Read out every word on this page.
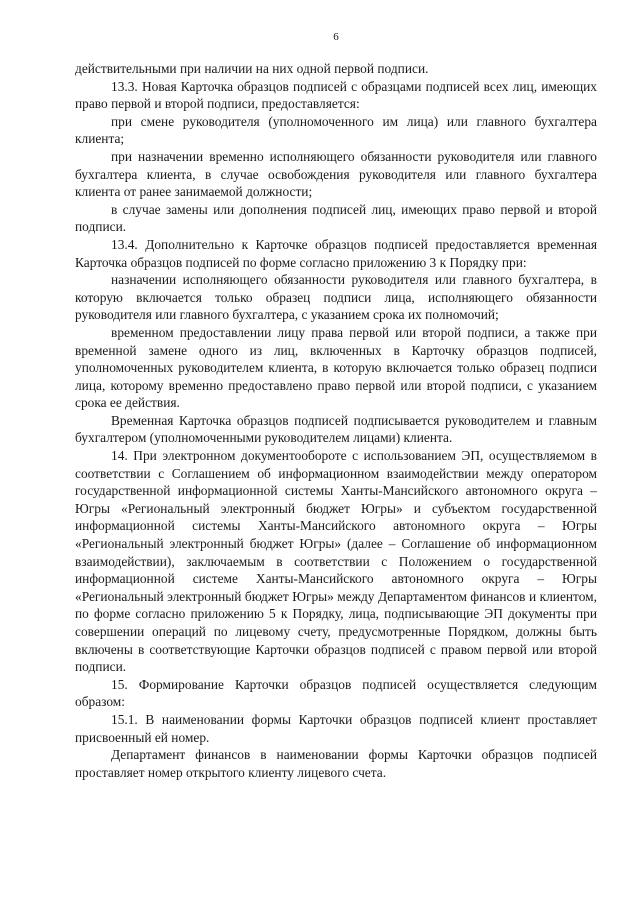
6

действительными при наличии на них одной первой подписи.

13.3. Новая Карточка образцов подписей с образцами подписей всех лиц, имеющих право первой и второй подписи, предоставляется:

при смене руководителя (уполномоченного им лица) или главного бухгалтера клиента;

при назначении временно исполняющего обязанности руководителя или главного бухгалтера клиента, в случае освобождения руководителя или главного бухгалтера клиента от ранее занимаемой должности;

в случае замены или дополнения подписей лиц, имеющих право первой и второй подписи.

13.4. Дополнительно к Карточке образцов подписей предоставляется временная Карточка образцов подписей по форме согласно приложению 3 к Порядку при:

назначении исполняющего обязанности руководителя или главного бухгалтера, в которую включается только образец подписи лица, исполняющего обязанности руководителя или главного бухгалтера, с указанием срока их полномочий;

временном предоставлении лицу права первой или второй подписи, а также при временной замене одного из лиц, включенных в Карточку образцов подписей, уполномоченных руководителем клиента, в которую включается только образец подписи лица, которому временно предоставлено право первой или второй подписи, с указанием срока ее действия.

Временная Карточка образцов подписей подписывается руководителем и главным бухгалтером (уполномоченными руководителем лицами) клиента.

14. При электронном документообороте с использованием ЭП, осуществляемом в соответствии с Соглашением об информационном взаимодействии между оператором государственной информационной системы Ханты-Мансийского автономного округа – Югры «Региональный электронный бюджет Югры» и субъектом государственной информационной системы Ханты-Мансийского автономного округа – Югры «Региональный электронный бюджет Югры» (далее – Соглашение об информационном взаимодействии), заключаемым в соответствии с Положением о государственной информационной системе Ханты-Мансийского автономного округа – Югры «Региональный электронный бюджет Югры» между Департаментом финансов и клиентом, по форме согласно приложению 5 к Порядку, лица, подписывающие ЭП документы при совершении операций по лицевому счету, предусмотренные Порядком, должны быть включены в соответствующие Карточки образцов подписей с правом первой или второй подписи.

15. Формирование Карточки образцов подписей осуществляется следующим образом:

15.1. В наименовании формы Карточки образцов подписей клиент проставляет присвоенный ей номер.

Департамент финансов в наименовании формы Карточки образцов подписей проставляет номер открытого клиенту лицевого счета.
